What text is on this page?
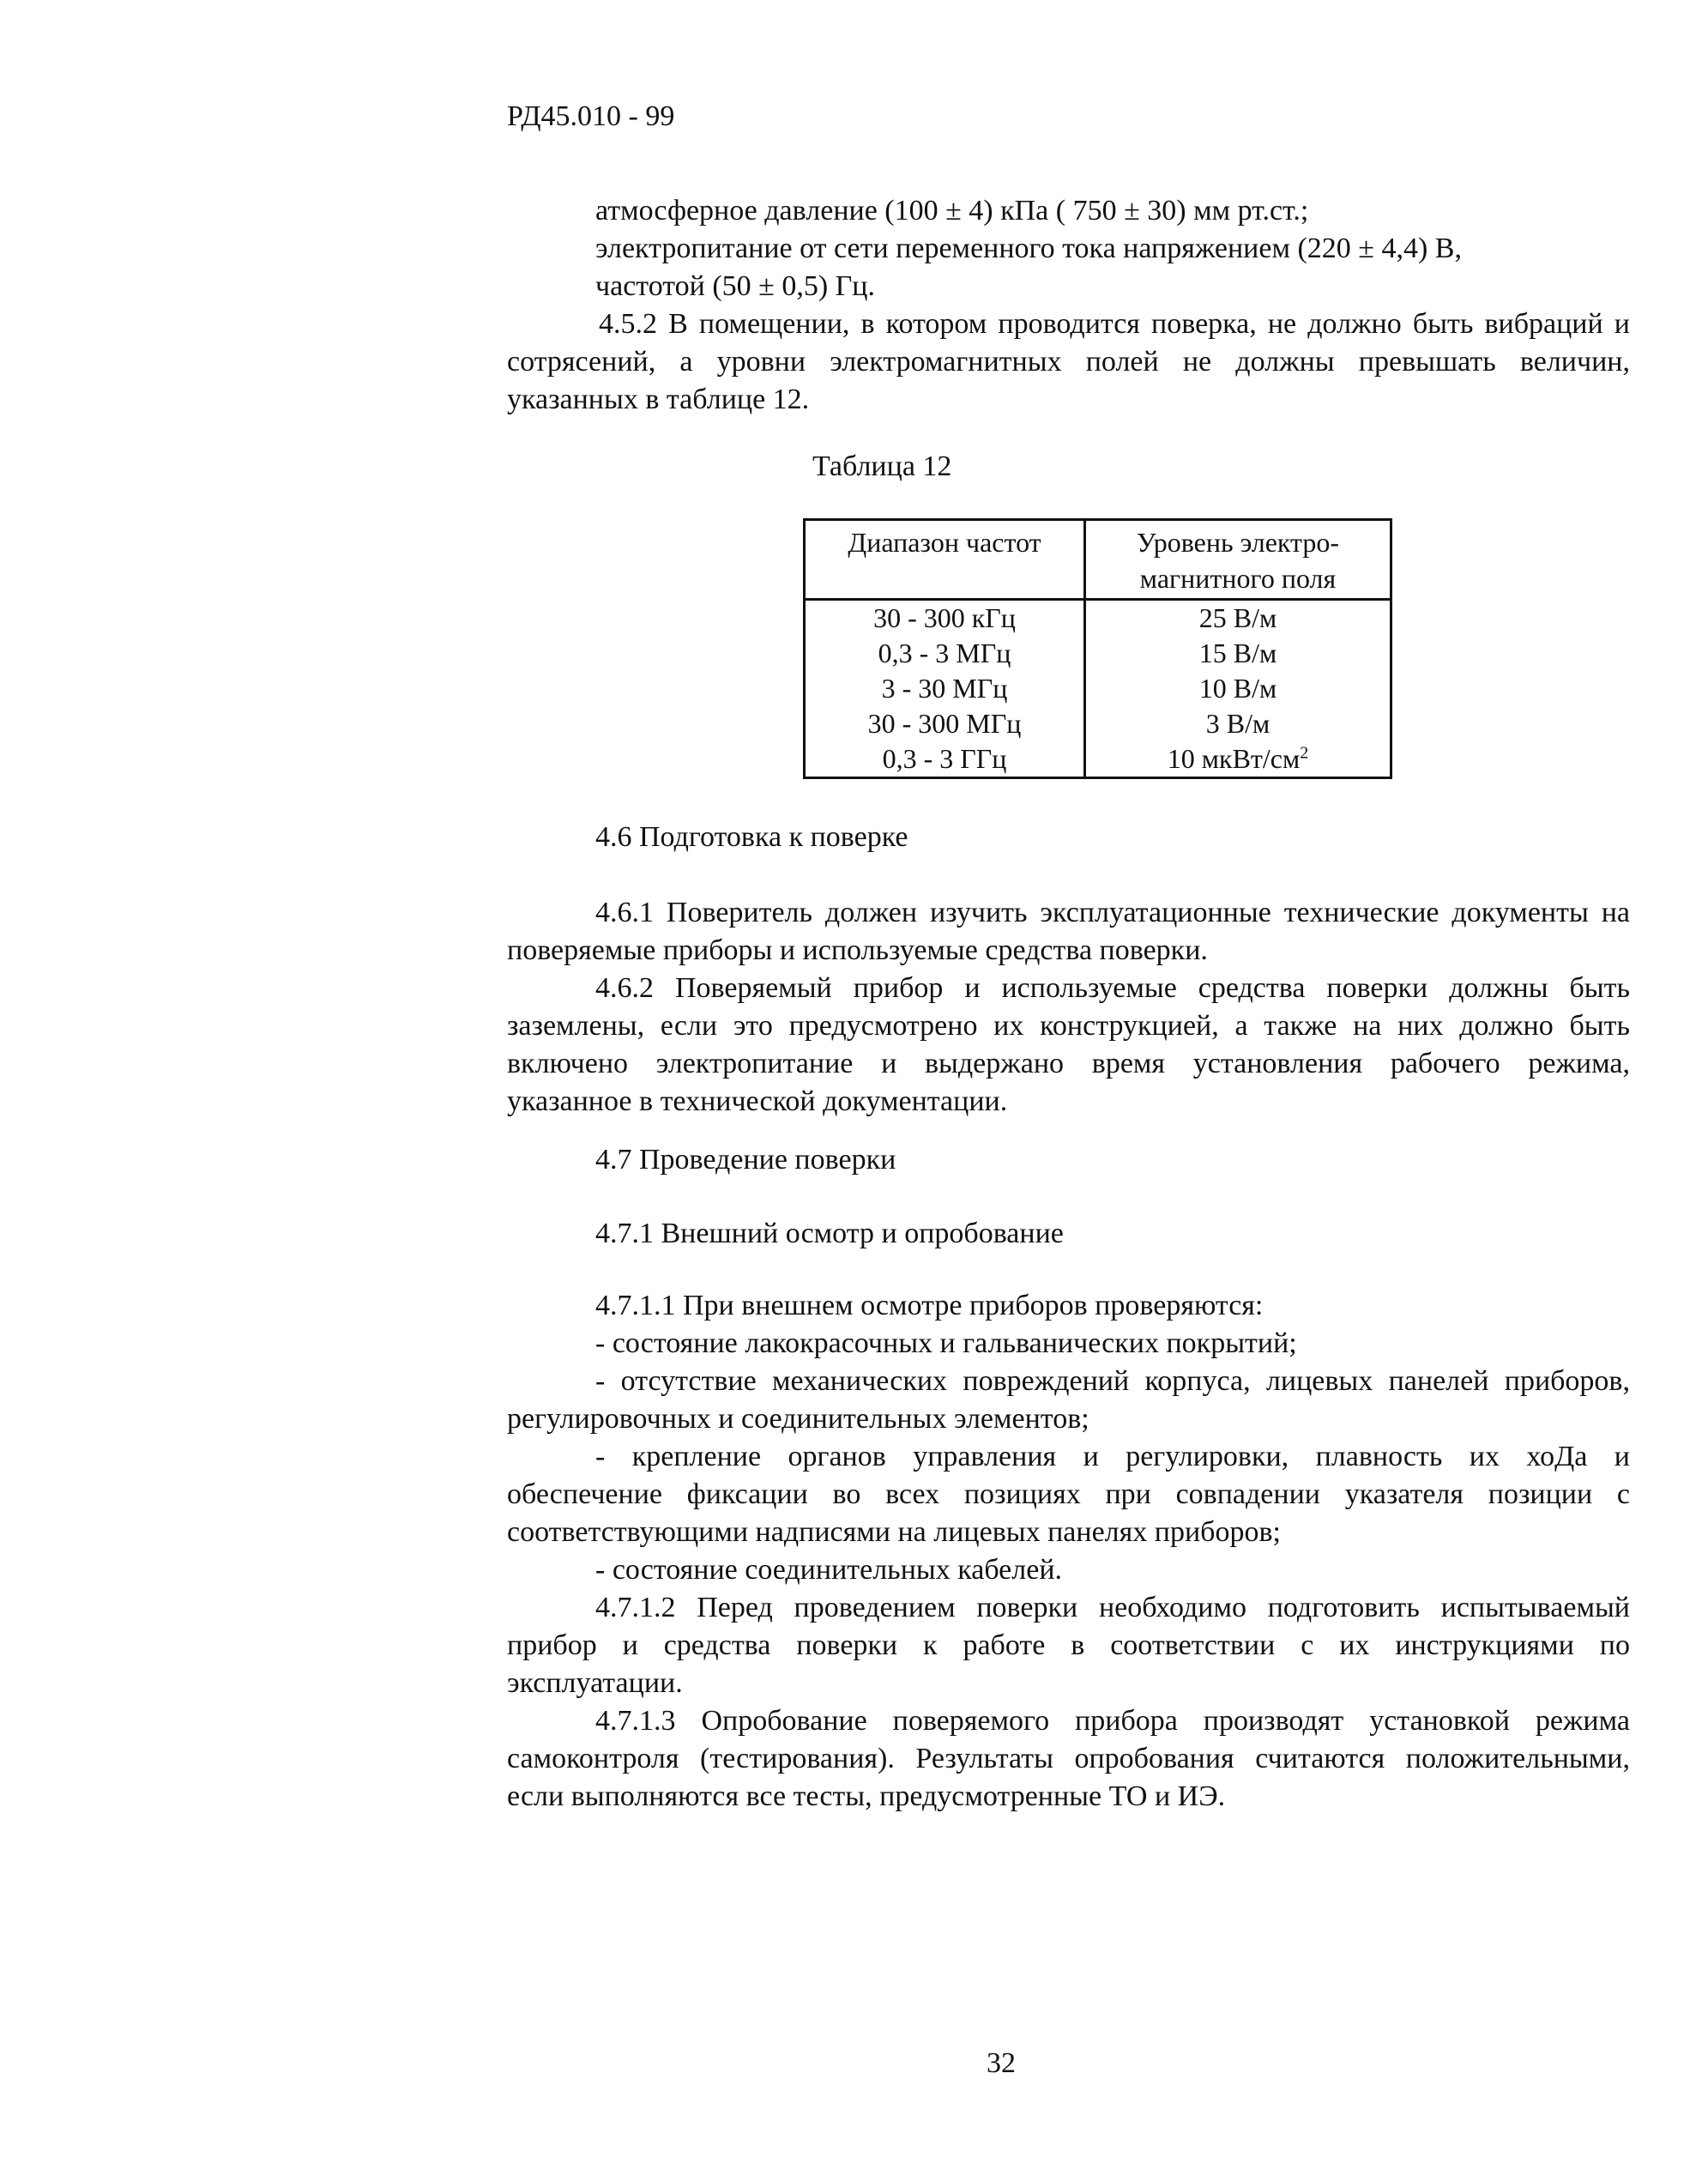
РД45.010 - 99
атмосферное давление (100 ± 4) кПа ( 750 ± 30) мм рт.ст.;
электропитание от сети переменного тока напряжением (220 ± 4,4) В,
частотой (50 ± 0,5) Гц.
4.5.2 В помещении, в котором проводится поверка, не должно быть вибраций и
сотрясений, а уровни электромагнитных полей не должны превышать величин,
указанных в таблице 12.
Таблица 12
Диапазон частот	Уровень электро-
магнитного поля

30 - 300 кГц	25 В/м
0,3 - 3 МГц	15 В/м
3 - 30 МГц	10 В/м
30 - 300 МГц	3 В/м
0,3 - 3 ГГц	10 мкВт/$см^2$
4.6 Подготовка к поверке
4.6.1 Поверитель должен изучить эксплуатационные технические документы на
поверяемые приборы и используемые средства поверки.
4.6.2 Поверяемый прибор и используемые средства поверки должны быть
заземлены, если это предусмотрено их конструкцией, а также на них должно быть
включено электропитание и выдержано время установления рабочего режима,
указанное в технической документации.
4.7 Проведение поверки
4.7.1 Внешний осмотр и опробование
4.7.1.1 При внешнем осмотре приборов проверяются:
- состояние лакокрасочных и гальванических покрытий;
- отсутствие механических повреждений корпуса, лицевых панелей приборов,
регулировочных и соединительных элементов;
- крепление органов управления и регулировки, плавность их хоДа и
обеспечение фиксации во всех позициях при совпадении указателя позиции с
соответствующими надписями на лицевых панелях приборов;
- состояние соединительных кабелей.
4.7.1.2 Перед проведением поверки необходимо подготовить испытываемый
прибор и средства поверки к работе в соответствии с их инструкциями по
эксплуатации.
4.7.1.3 Опробование поверяемого прибора производят установкой режима
самоконтроля (тестирования). Результаты опробования считаются положительными,
если выполняются все тесты, предусмотренные ТО и ИЭ.
32
